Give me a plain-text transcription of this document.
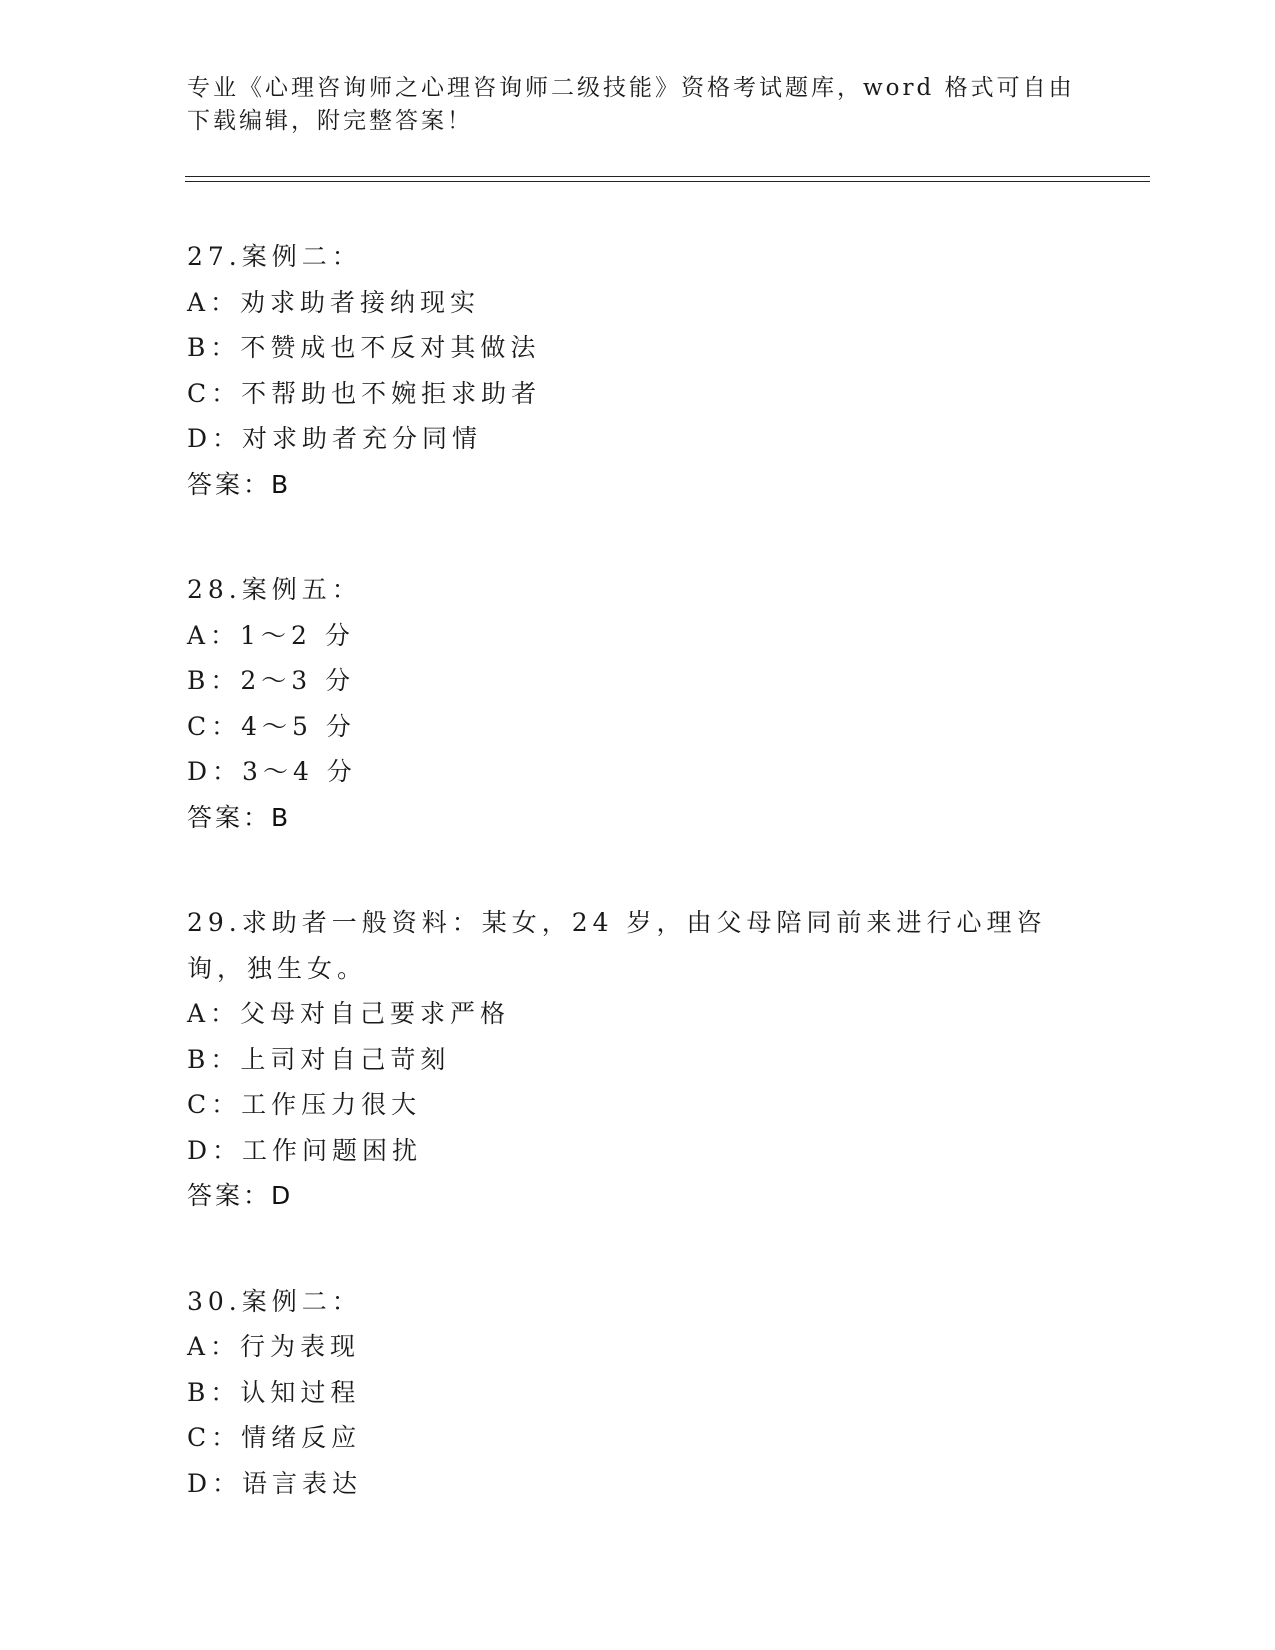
专业《心理咨询师之心理咨询师二级技能》资格考试题库，word 格式可自由下载编辑，附完整答案！
27.案例二：
A：劝求助者接纳现实
B：不赞成也不反对其做法
C：不帮助也不婉拒求助者
D：对求助者充分同情
答案：B
28.案例五：
A：1～2 分
B：2～3 分
C：4～5 分
D：3～4 分
答案：B
29.求助者一般资料：某女，24 岁，由父母陪同前来进行心理咨询，独生女。
A：父母对自己要求严格
B：上司对自己苛刻
C：工作压力很大
D：工作问题困扰
答案：D
30.案例二：
A：行为表现
B：认知过程
C：情绪反应
D：语言表达
